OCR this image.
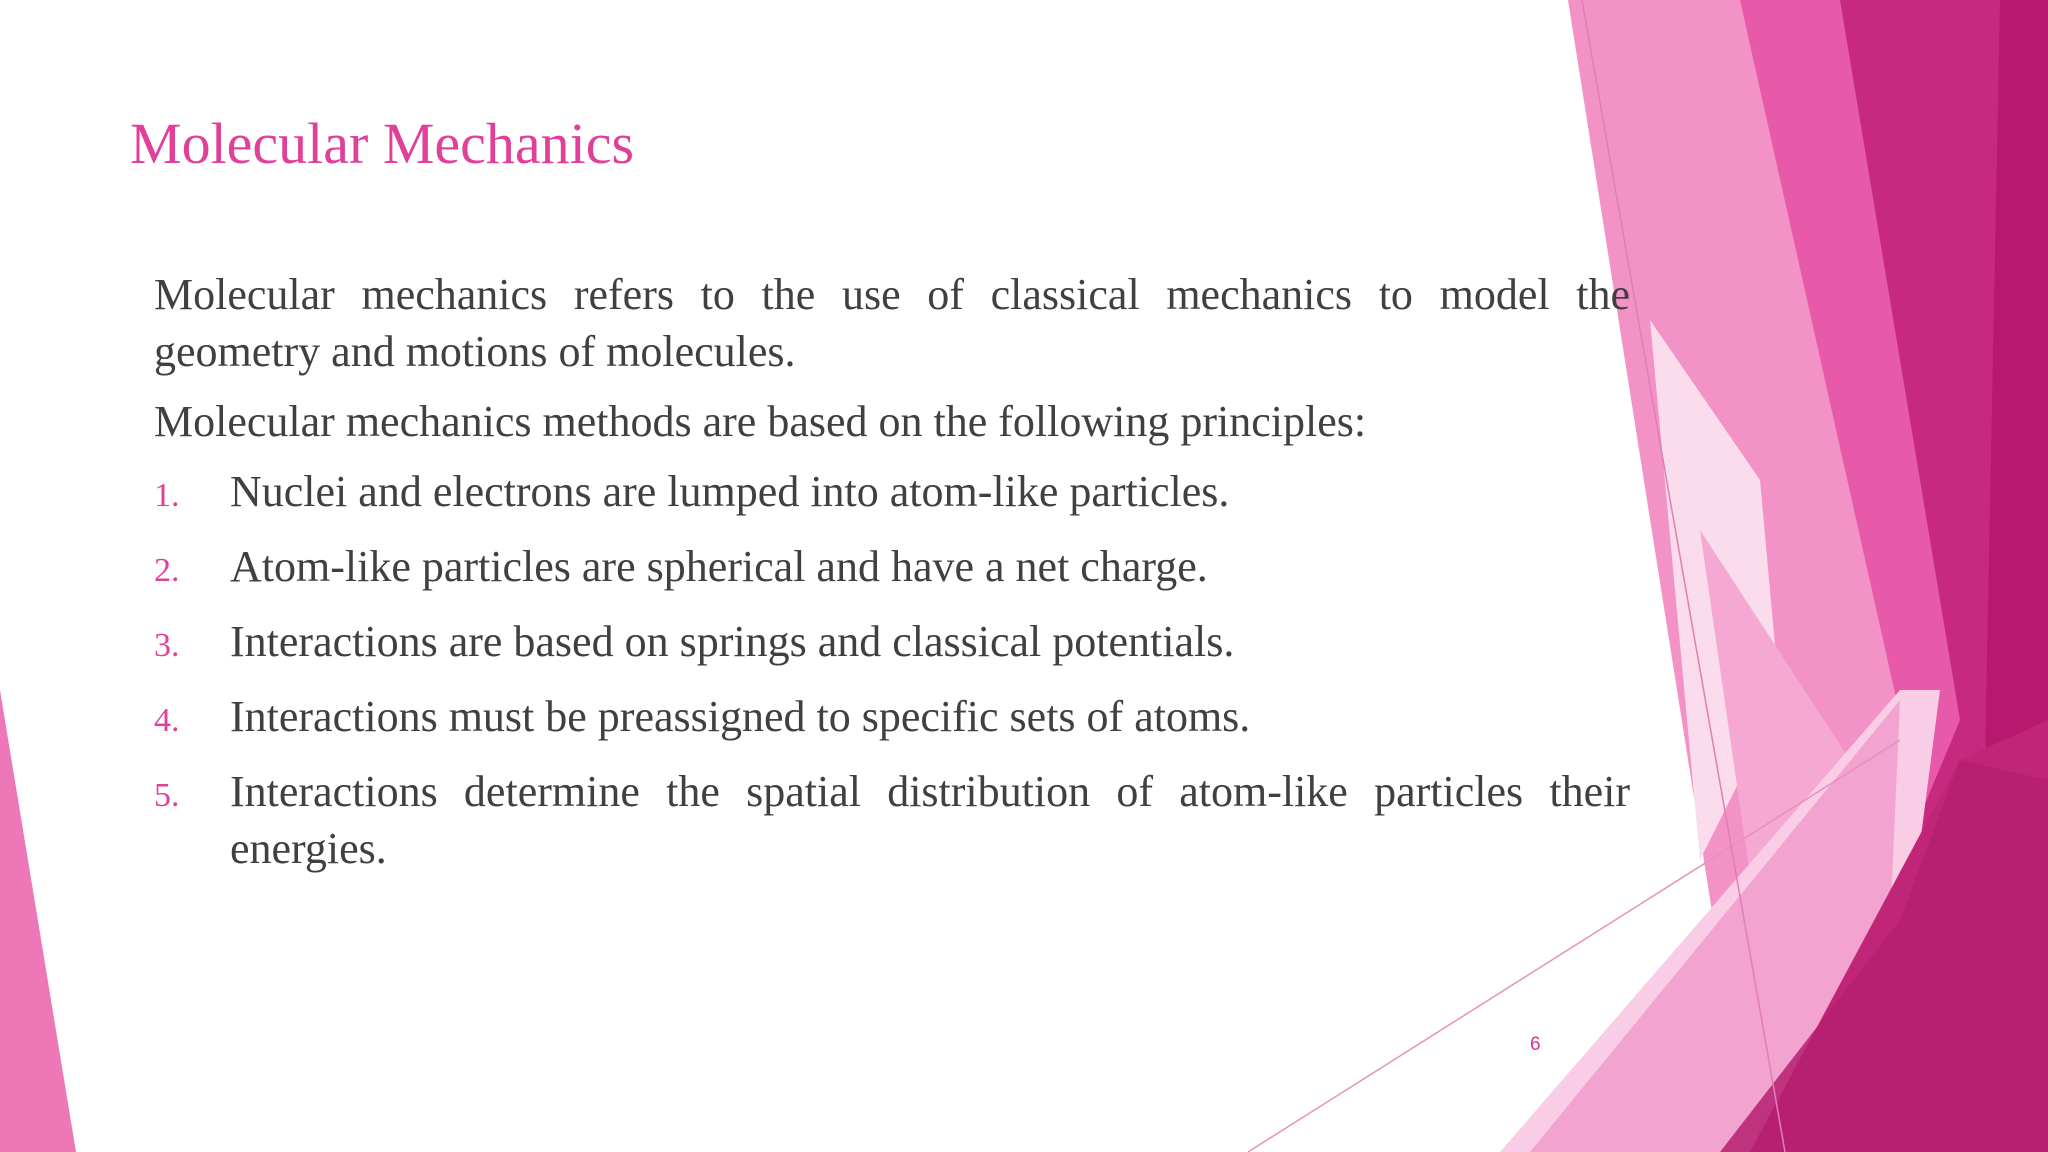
Molecular Mechanics

Molecular mechanics refers to the use of classical mechanics to model the geometry and motions of molecules.

Molecular mechanics methods are based on the following principles:

1. Nuclei and electrons are lumped into atom-like particles.
2. Atom-like particles are spherical and have a net charge.
3. Interactions are based on springs and classical potentials.
4. Interactions must be preassigned to specific sets of atoms.
5. Interactions determine the spatial distribution of atom-like particles their energies.
6
